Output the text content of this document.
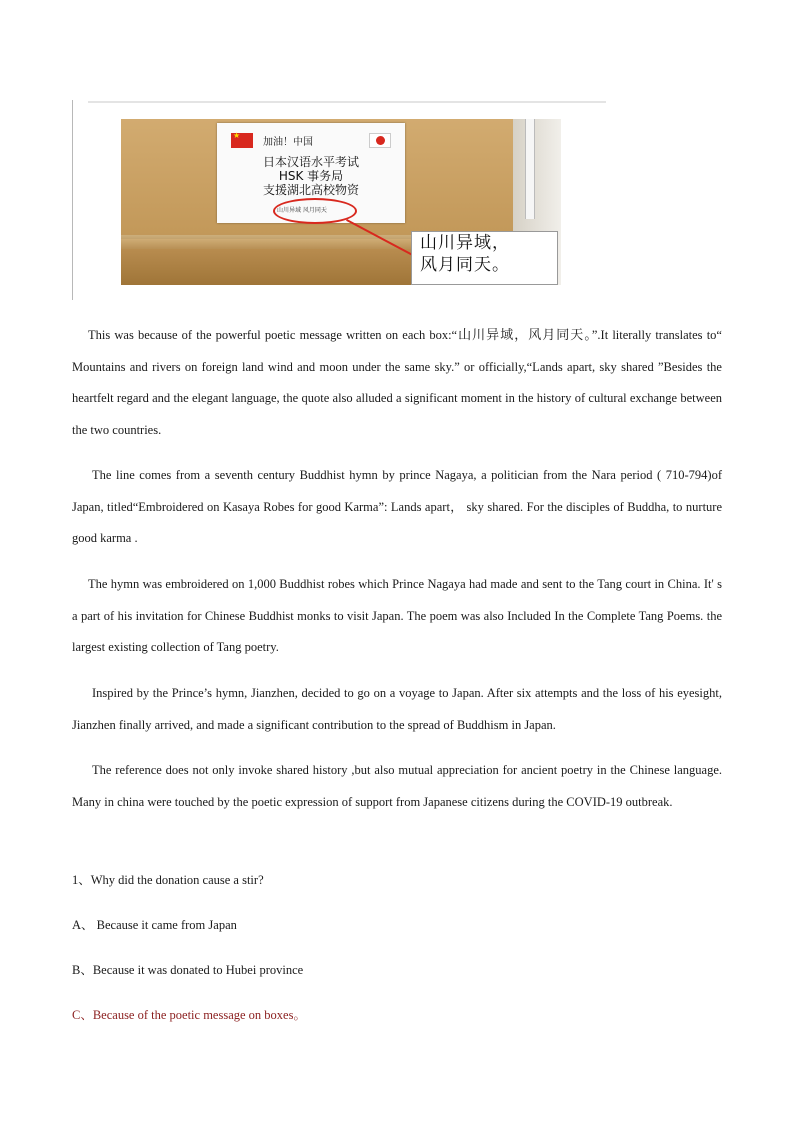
★
加油！中国
日本汉语水平考试
HSK 事务局
支援湖北高校物资
山川异域 风月同天
山川异域，
风月同天。

This was because of the powerful poetic message written on each box:“山川异域，风月同天。”.It literally translates to“ Mountains and rivers on foreign land wind and moon under the same sky.” or officially,“Lands apart, sky shared ”Besides the heartfelt regard and the elegant language, the quote also alluded a significant moment in the history of cultural exchange between the two countries.

The line comes from a seventh century Buddhist hymn by prince Nagaya, a politician from the Nara period ( 710-794)of Japan, titled“Embroidered on Kasaya Robes for good Karma”: Lands apart， sky shared. For the disciples of Buddha, to nurture good karma .

The hymn was embroidered on 1,000 Buddhist robes which Prince Nagaya had made and sent to the Tang court in China. It' s a part of his invitation for Chinese Buddhist monks to visit Japan. The poem was also Included In the Complete Tang Poems. the largest existing collection of Tang poetry.

Inspired by the Prince’s hymn, Jianzhen, decided to go on a voyage to Japan. After six attempts and the loss of his eyesight, Jianzhen finally arrived, and made a significant contribution to the spread of Buddhism in Japan.

The reference does not only invoke shared history ,but also mutual appreciation for ancient poetry in the Chinese language. Many in china were touched by the poetic expression of support from Japanese citizens during the COVID-19 outbreak.

1、Why did the donation cause a stir?

A、 Because it came from Japan

B、Because it was donated to Hubei province

C、Because of the poetic message on boxes。
